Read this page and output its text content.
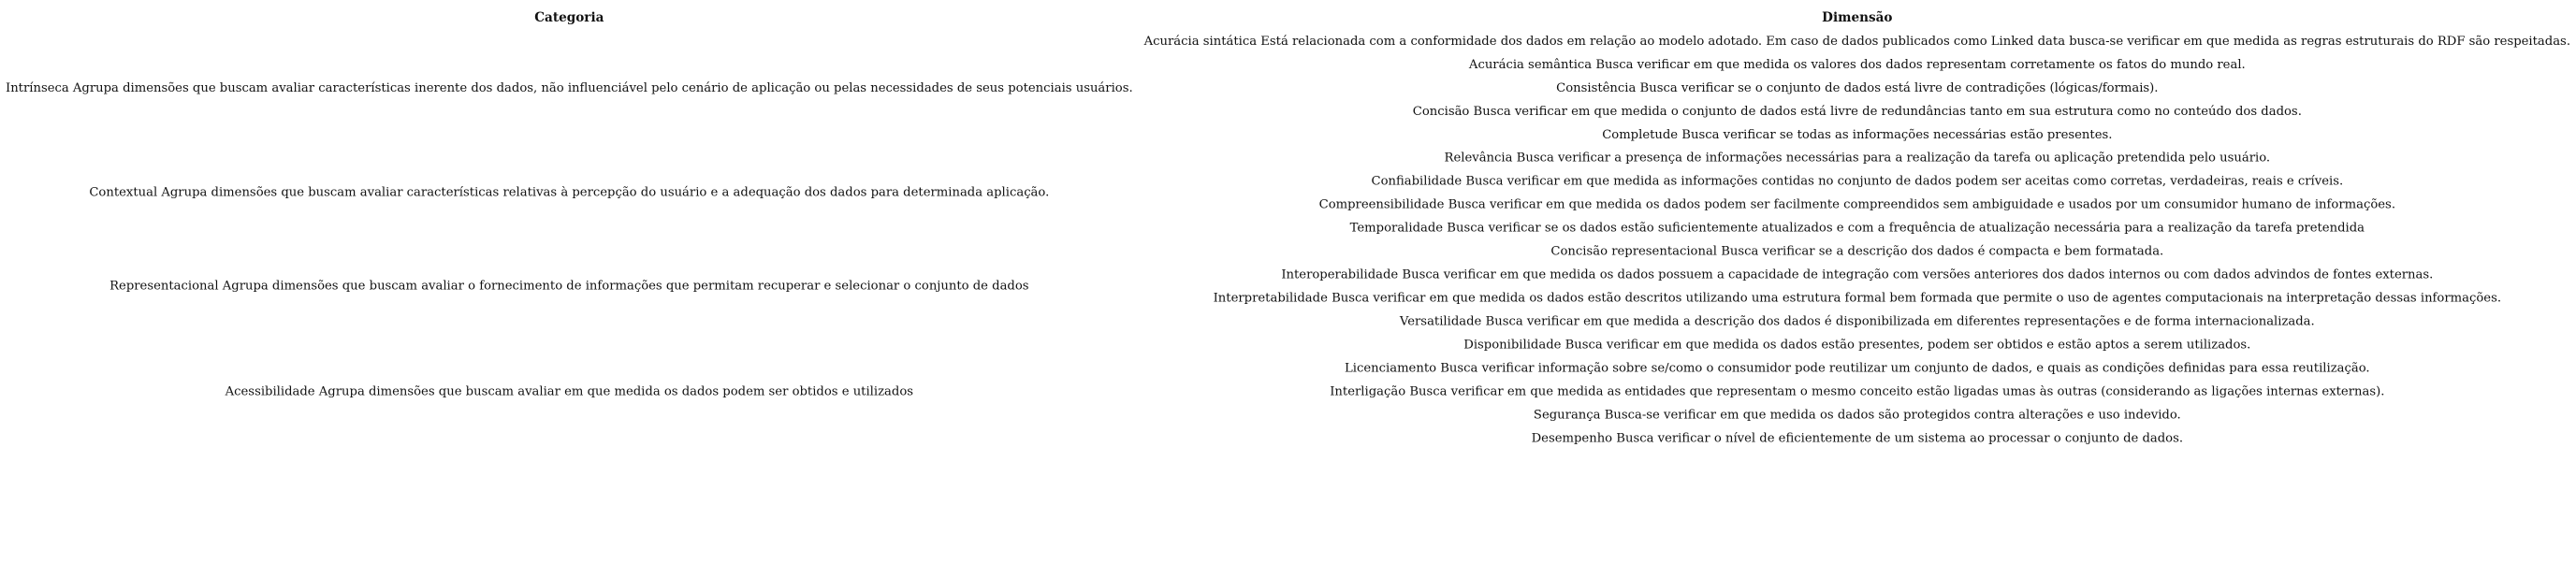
Categoria	Dimensão
Intrínseca Agrupa dimensões que buscam avaliar características inerente dos dados, não influenciável pelo cenário de aplicação ou pelas necessidades de seus potenciais usuários.	Acurácia sintática Está relacionada com a conformidade dos dados em relação ao modelo adotado. Em caso de dados publicados como Linked data busca-se verificar em que medida as regras estruturais do RDF são respeitadas.
	Acurácia semântica Busca verificar em que medida os valores dos dados representam corretamente os fatos do mundo real.
	Consistência Busca verificar se o conjunto de dados está livre de contradições (lógicas/formais).
	Concisão Busca verificar em que medida o conjunto de dados está livre de redundâncias tanto em sua estrutura como no conteúdo dos dados.
	Completude Busca verificar se todas as informações necessárias estão presentes.
Contextual Agrupa dimensões que buscam avaliar características relativas à percepção do usuário e a adequação dos dados para determinada aplicação.	Relevância Busca verificar a presença de informações necessárias para a realização da tarefa ou aplicação pretendida pelo usuário.
	Confiabilidade Busca verificar em que medida as informações contidas no conjunto de dados podem ser aceitas como corretas, verdadeiras, reais e críveis.
	Compreensibilidade Busca verificar em que medida os dados podem ser facilmente compreendidos sem ambiguidade e usados por um consumidor humano de informações.
	Temporalidade Busca verificar se os dados estão suficientemente atualizados e com a frequência de atualização necessária para a realização da tarefa pretendida
Representacional Agrupa dimensões que buscam avaliar o fornecimento de informações que permitam recuperar e selecionar o conjunto de dados	Concisão representacional Busca verificar se a descrição dos dados é compacta e bem formatada.
	Interoperabilidade Busca verificar em que medida os dados possuem a capacidade de integração com versões anteriores dos dados internos ou com dados advindos de fontes externas.
	Interpretabilidade Busca verificar em que medida os dados estão descritos utilizando uma estrutura formal bem formada que permite o uso de agentes computacionais na interpretação dessas informações.
	Versatilidade Busca verificar em que medida a descrição dos dados é disponibilizada em diferentes representações e de forma internacionalizada.
Acessibilidade Agrupa dimensões que buscam avaliar em que medida os dados podem ser obtidos e utilizados	Disponibilidade Busca verificar em que medida os dados estão presentes, podem ser obtidos e estão aptos a serem utilizados.
	Licenciamento Busca verificar informação sobre se/como o consumidor pode reutilizar um conjunto de dados, e quais as condições definidas para essa reutilização.
	Interligação Busca verificar em que medida as entidades que representam o mesmo conceito estão ligadas umas às outras (considerando as ligações internas externas).
	Segurança Busca-se verificar em que medida os dados são protegidos contra alterações e uso indevido.
	Desempenho Busca verificar o nível de eficientemente de um sistema ao processar o conjunto de dados.
